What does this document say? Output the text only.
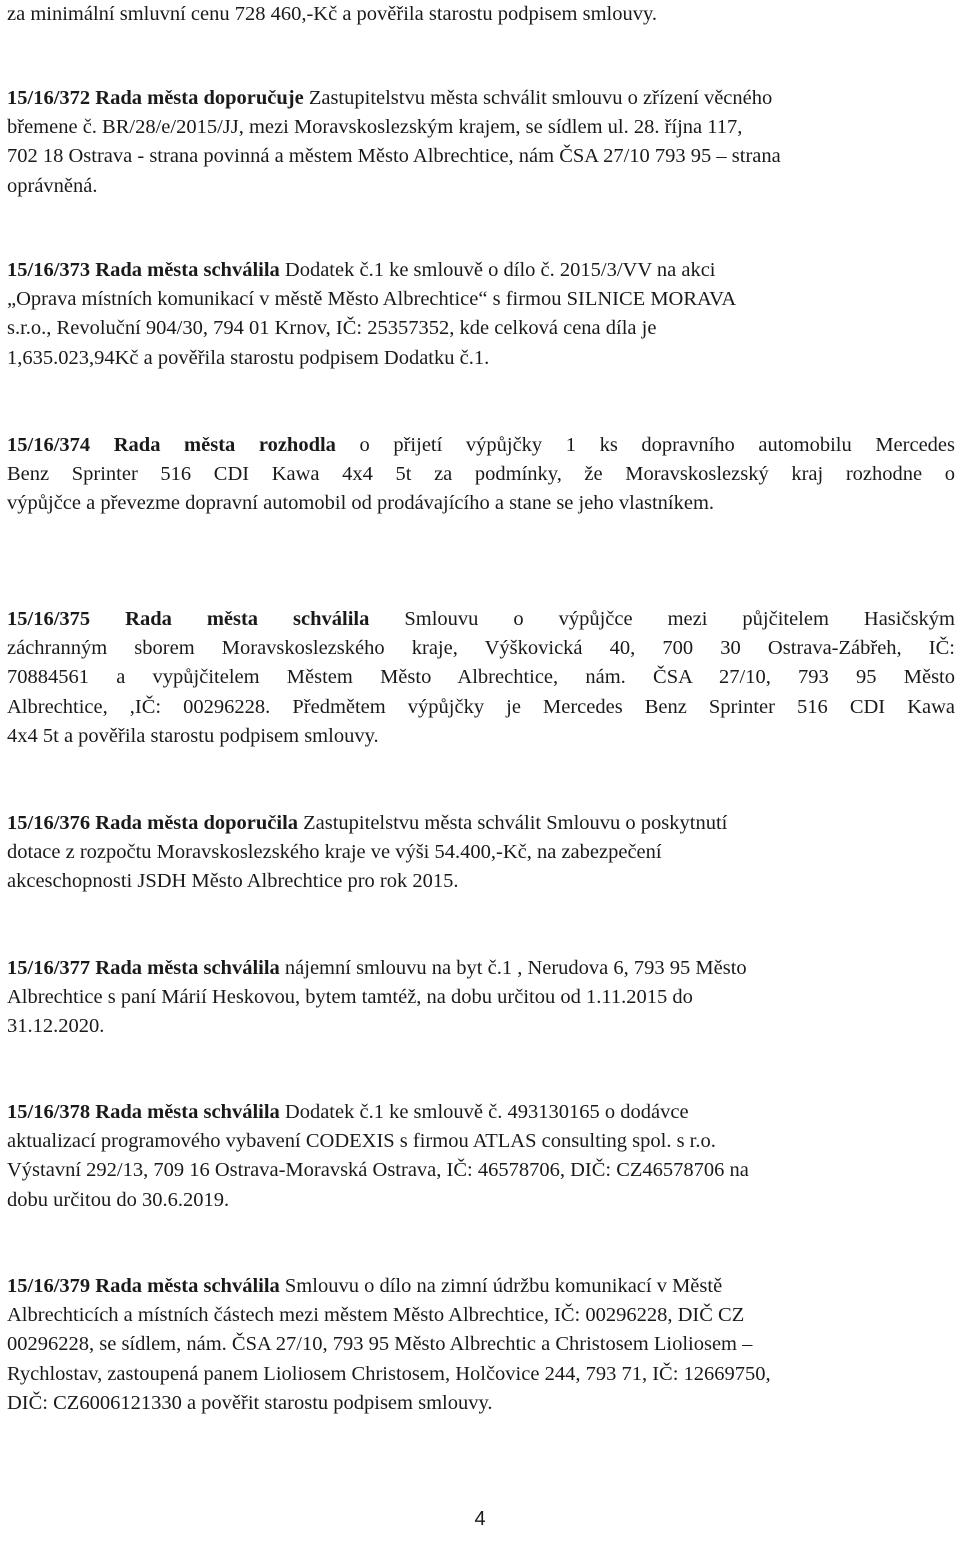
za minimální smluvní cenu 728 460,-Kč a pověřila starostu podpisem smlouvy.

15/16/372 Rada města doporučuje Zastupitelstvu města schválit smlouvu o zřízení věcného
břemene č. BR/28/e/2015/JJ, mezi Moravskoslezským krajem, se sídlem ul. 28. října 117,
702 18 Ostrava - strana povinná a městem Město Albrechtice, nám ČSA 27/10 793 95 – strana
oprávněná.

15/16/373 Rada města schválila Dodatek č.1 ke smlouvě o dílo č. 2015/3/VV na akci
„Oprava místních komunikací v městě Město Albrechtice“ s firmou SILNICE MORAVA
s.r.o., Revoluční 904/30, 794 01 Krnov, IČ: 25357352, kde celková cena díla je
1,635.023,94Kč a pověřila starostu podpisem Dodatku č.1.

15/16/374 Rada města rozhodla o přijetí výpůjčky 1 ks dopravního automobilu Mercedes
Benz Sprinter 516 CDI Kawa 4x4 5t za podmínky, že Moravskoslezský kraj rozhodne o
výpůjčce a převezme dopravní automobil od prodávajícího a stane se jeho vlastníkem.

15/16/375 Rada města schválila Smlouvu o výpůjčce mezi půjčitelem Hasičským
záchranným sborem Moravskoslezského kraje, Výškovická 40, 700 30 Ostrava-Zábřeh, IČ:
70884561 a vypůjčitelem Městem Město Albrechtice, nám. ČSA 27/10, 793 95 Město
Albrechtice, ,IČ: 00296228. Předmětem výpůjčky je Mercedes Benz Sprinter 516 CDI Kawa
4x4 5t a pověřila starostu podpisem smlouvy.

15/16/376 Rada města doporučila Zastupitelstvu města schválit Smlouvu o poskytnutí
dotace z rozpočtu Moravskoslezského kraje ve výši 54.400,-Kč, na zabezpečení
akceschopnosti JSDH Město Albrechtice pro rok 2015.

15/16/377 Rada města schválila nájemní smlouvu na byt č.1 , Nerudova 6, 793 95 Město
Albrechtice s paní Márií Heskovou, bytem tamtéž, na dobu určitou od 1.11.2015 do
31.12.2020.

15/16/378 Rada města schválila Dodatek č.1 ke smlouvě č. 493130165 o dodávce
aktualizací programového vybavení CODEXIS s firmou ATLAS consulting spol. s r.o.
Výstavní 292/13, 709 16 Ostrava-Moravská Ostrava, IČ: 46578706, DIČ: CZ46578706 na
dobu určitou do 30.6.2019.

15/16/379 Rada města schválila Smlouvu o dílo na zimní údržbu komunikací v Městě
Albrechticích a místních částech mezi městem Město Albrechtice, IČ: 00296228, DIČ CZ
00296228, se sídlem, nám. ČSA 27/10, 793 95 Město Albrechtic a Christosem Lioliosem –
Rychlostav, zastoupená panem Lioliosem Christosem, Holčovice 244, 793 71, IČ: 12669750,
DIČ: CZ6006121330 a pověřit starostu podpisem smlouvy.

4
